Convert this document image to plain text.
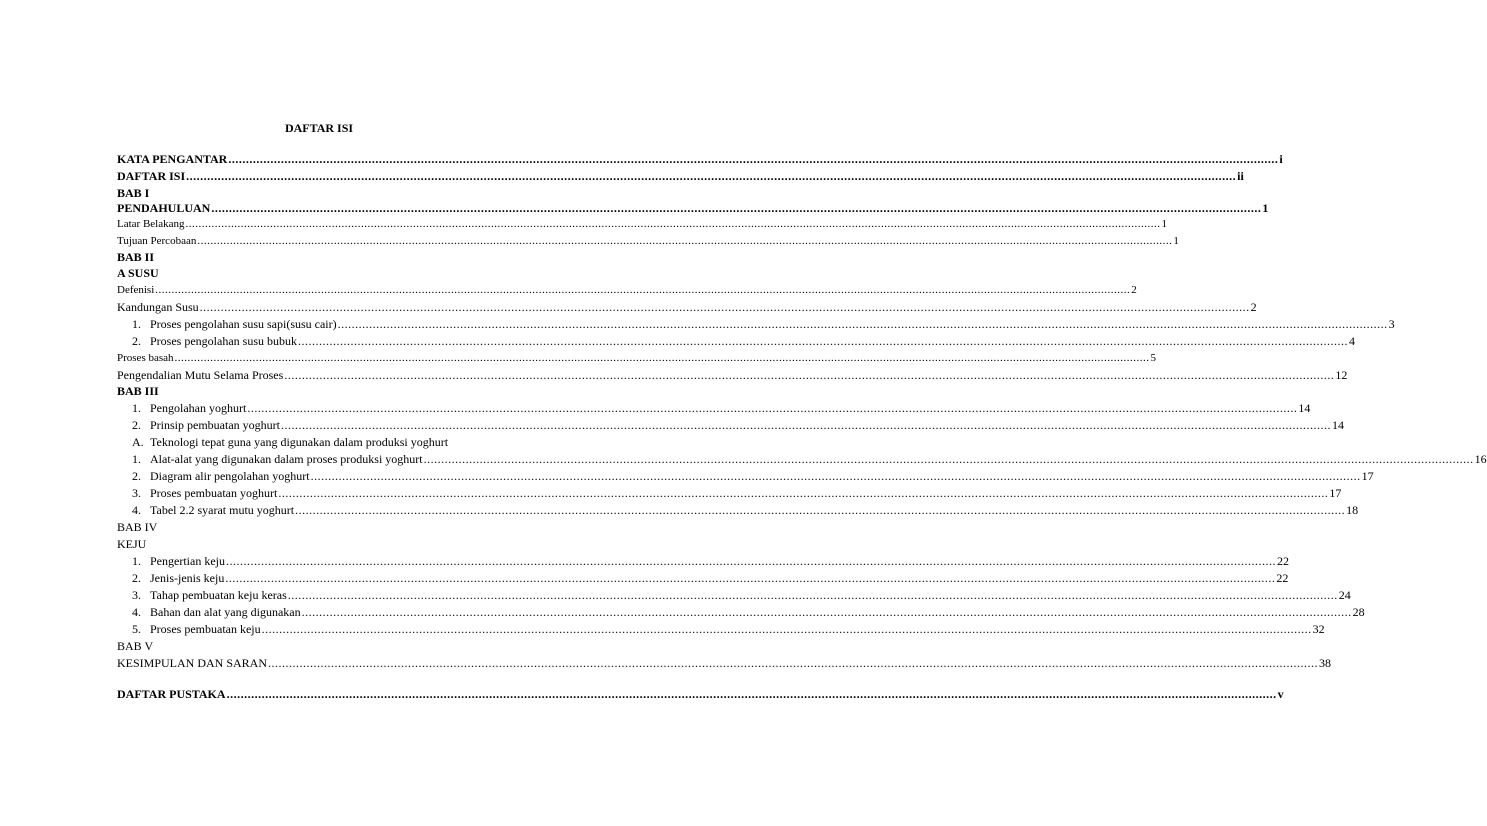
DAFTAR ISI
KATA PENGANTAR ............................................................................................................................................................................................................................................................................................................ i
DAFTAR ISI ............................................................................................................................................................................................................................................................................................................ ii
BAB I
PENDAHULUAN ............................................................................................................................................................................................................................................................................................................ 1
Latar Belakang ............................................................................................................................................................................................................................................................................................................ 1
Tujuan Percobaan ............................................................................................................................................................................................................................................................................................................ 1
BAB II
A SUSU
Defenisi ............................................................................................................................................................................................................................................................................................................ 2
Kandungan Susu ............................................................................................................................................................................................................................................................................................................ 2
1. Proses pengolahan susu sapi(susu cair) ............................................................................................................................................................................................................................................................................................................ 3
2. Proses pengolahan susu bubuk ............................................................................................................................................................................................................................................................................................................ 4
Proses basah ............................................................................................................................................................................................................................................................................................................ 5
Pengendalian Mutu Selama Proses ............................................................................................................................................................................................................................................................................................................ 12
BAB III
1. Pengolahan yoghurt ............................................................................................................................................................................................................................................................................................................ 14
2. Prinsip pembuatan yoghurt ............................................................................................................................................................................................................................................................................................................ 14
A. Teknologi tepat guna yang digunakan dalam produksi yoghurt
1. Alat-alat yang digunakan dalam proses produksi yoghurt ............................................................................................................................................................................................................................................................................................................ 16
2. Diagram alir pengolahan yoghurt ............................................................................................................................................................................................................................................................................................................ 17
3. Proses pembuatan yoghurt ............................................................................................................................................................................................................................................................................................................ 17
4. Tabel 2.2 syarat mutu yoghurt ............................................................................................................................................................................................................................................................................................................ 18
BAB IV
KEJU
1. Pengertian keju ............................................................................................................................................................................................................................................................................................................ 22
2. Jenis-jenis keju ............................................................................................................................................................................................................................................................................................................ 22
3. Tahap pembuatan keju keras ............................................................................................................................................................................................................................................................................................................ 24
4. Bahan dan alat yang digunakan ............................................................................................................................................................................................................................................................................................................ 28
5. Proses pembuatan keju ............................................................................................................................................................................................................................................................................................................ 32
BAB V
KESIMPULAN DAN SARAN ............................................................................................................................................................................................................................................................................................................ 38
DAFTAR PUSTAKA ............................................................................................................................................................................................................................................................................................................ v
